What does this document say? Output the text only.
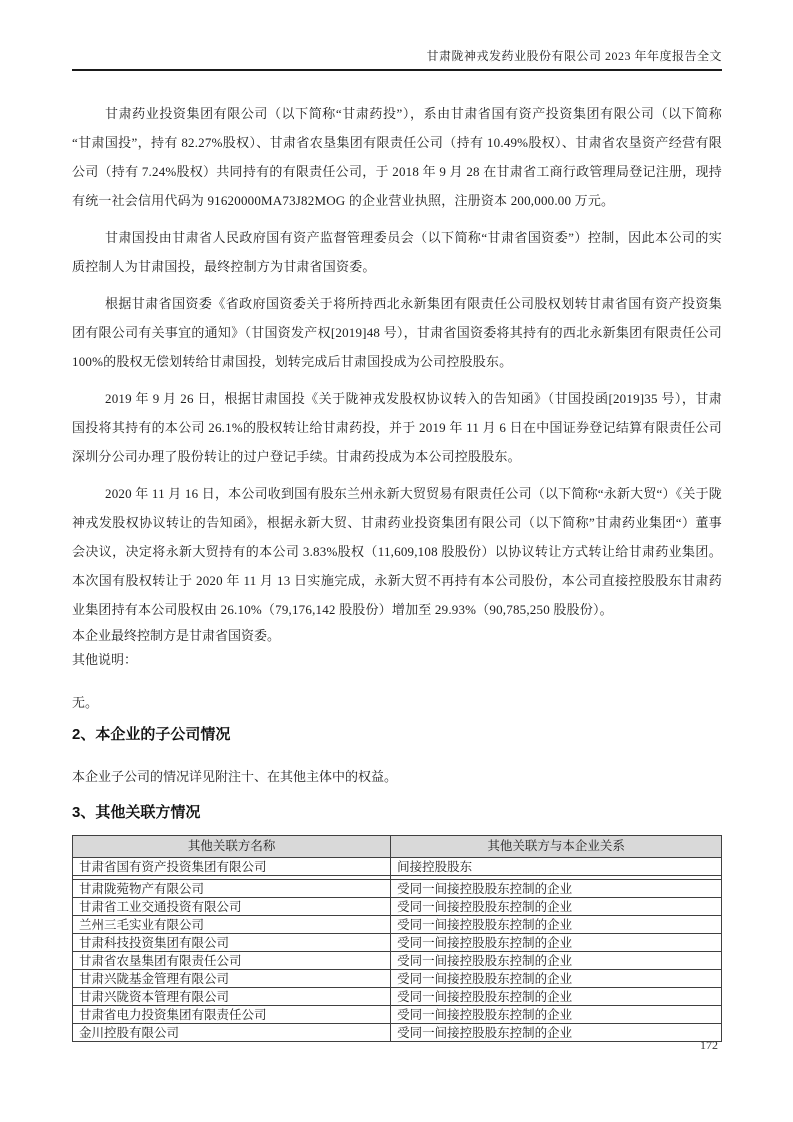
甘肃陇神戎发药业股份有限公司 2023 年年度报告全文

甘肃药业投资集团有限公司（以下简称“甘肃药投”），系由甘肃省国有资产投资集团有限公司（以下简称“甘肃国投”，持有 82.27%股权）、甘肃省农垦集团有限责任公司（持有 10.49%股权）、甘肃省农垦资产经营有限公司（持有 7.24%股权）共同持有的有限责任公司，于 2018 年 9 月 28 在甘肃省工商行政管理局登记注册，现持有统一社会信用代码为 91620000MA73J82MOG 的企业营业执照，注册资本 200,000.00 万元。

甘肃国投由甘肃省人民政府国有资产监督管理委员会（以下简称“甘肃省国资委”）控制，因此本公司的实质控制人为甘肃国投，最终控制方为甘肃省国资委。

根据甘肃省国资委《省政府国资委关于将所持西北永新集团有限责任公司股权划转甘肃省国有资产投资集团有限公司有关事宜的通知》（甘国资发产权[2019]48 号），甘肃省国资委将其持有的西北永新集团有限责任公司 100%的股权无偿划转给甘肃国投，划转完成后甘肃国投成为公司控股股东。

2019 年 9 月 26 日，根据甘肃国投《关于陇神戎发股权协议转入的告知函》（甘国投函[2019]35 号），甘肃国投将其持有的本公司 26.1%的股权转让给甘肃药投，并于 2019 年 11 月 6 日在中国证券登记结算有限责任公司深圳分公司办理了股份转让的过户登记手续。甘肃药投成为本公司控股股东。

2020 年 11 月 16 日，本公司收到国有股东兰州永新大贸贸易有限责任公司（以下简称“永新大贸“）《关于陇神戎发股权协议转让的告知函》，根据永新大贸、甘肃药业投资集团有限公司（以下简称”甘肃药业集团“）董事会决议，决定将永新大贸持有的本公司 3.83%股权（11,609,108 股股份）以协议转让方式转让给甘肃药业集团。本次国有股权转让于 2020 年 11 月 13 日实施完成，永新大贸不再持有本公司股份，本公司直接控股股东甘肃药业集团持有本公司股权由 26.10%（79,176,142 股股份）增加至 29.93%（90,785,250 股股份）。

本企业最终控制方是甘肃省国资委。

其他说明：

无。

2、本企业的子公司情况

本企业子公司的情况详见附注十、在其他主体中的权益。

3、其他关联方情况
其他关联方名称	其他关联方与本企业关系
甘肃省国有资产投资集团有限公司	间接控股股东

甘肃陇菀物产有限公司	受同一间接控股股东控制的企业
甘肃省工业交通投资有限公司	受同一间接控股股东控制的企业
兰州三毛实业有限公司	受同一间接控股股东控制的企业
甘肃科技投资集团有限公司	受同一间接控股股东控制的企业
甘肃省农垦集团有限责任公司	受同一间接控股股东控制的企业
甘肃兴陇基金管理有限公司	受同一间接控股股东控制的企业
甘肃兴陇资本管理有限公司	受同一间接控股股东控制的企业
甘肃省电力投资集团有限责任公司	受同一间接控股股东控制的企业
金川控股有限公司	受同一间接控股股东控制的企业
172
